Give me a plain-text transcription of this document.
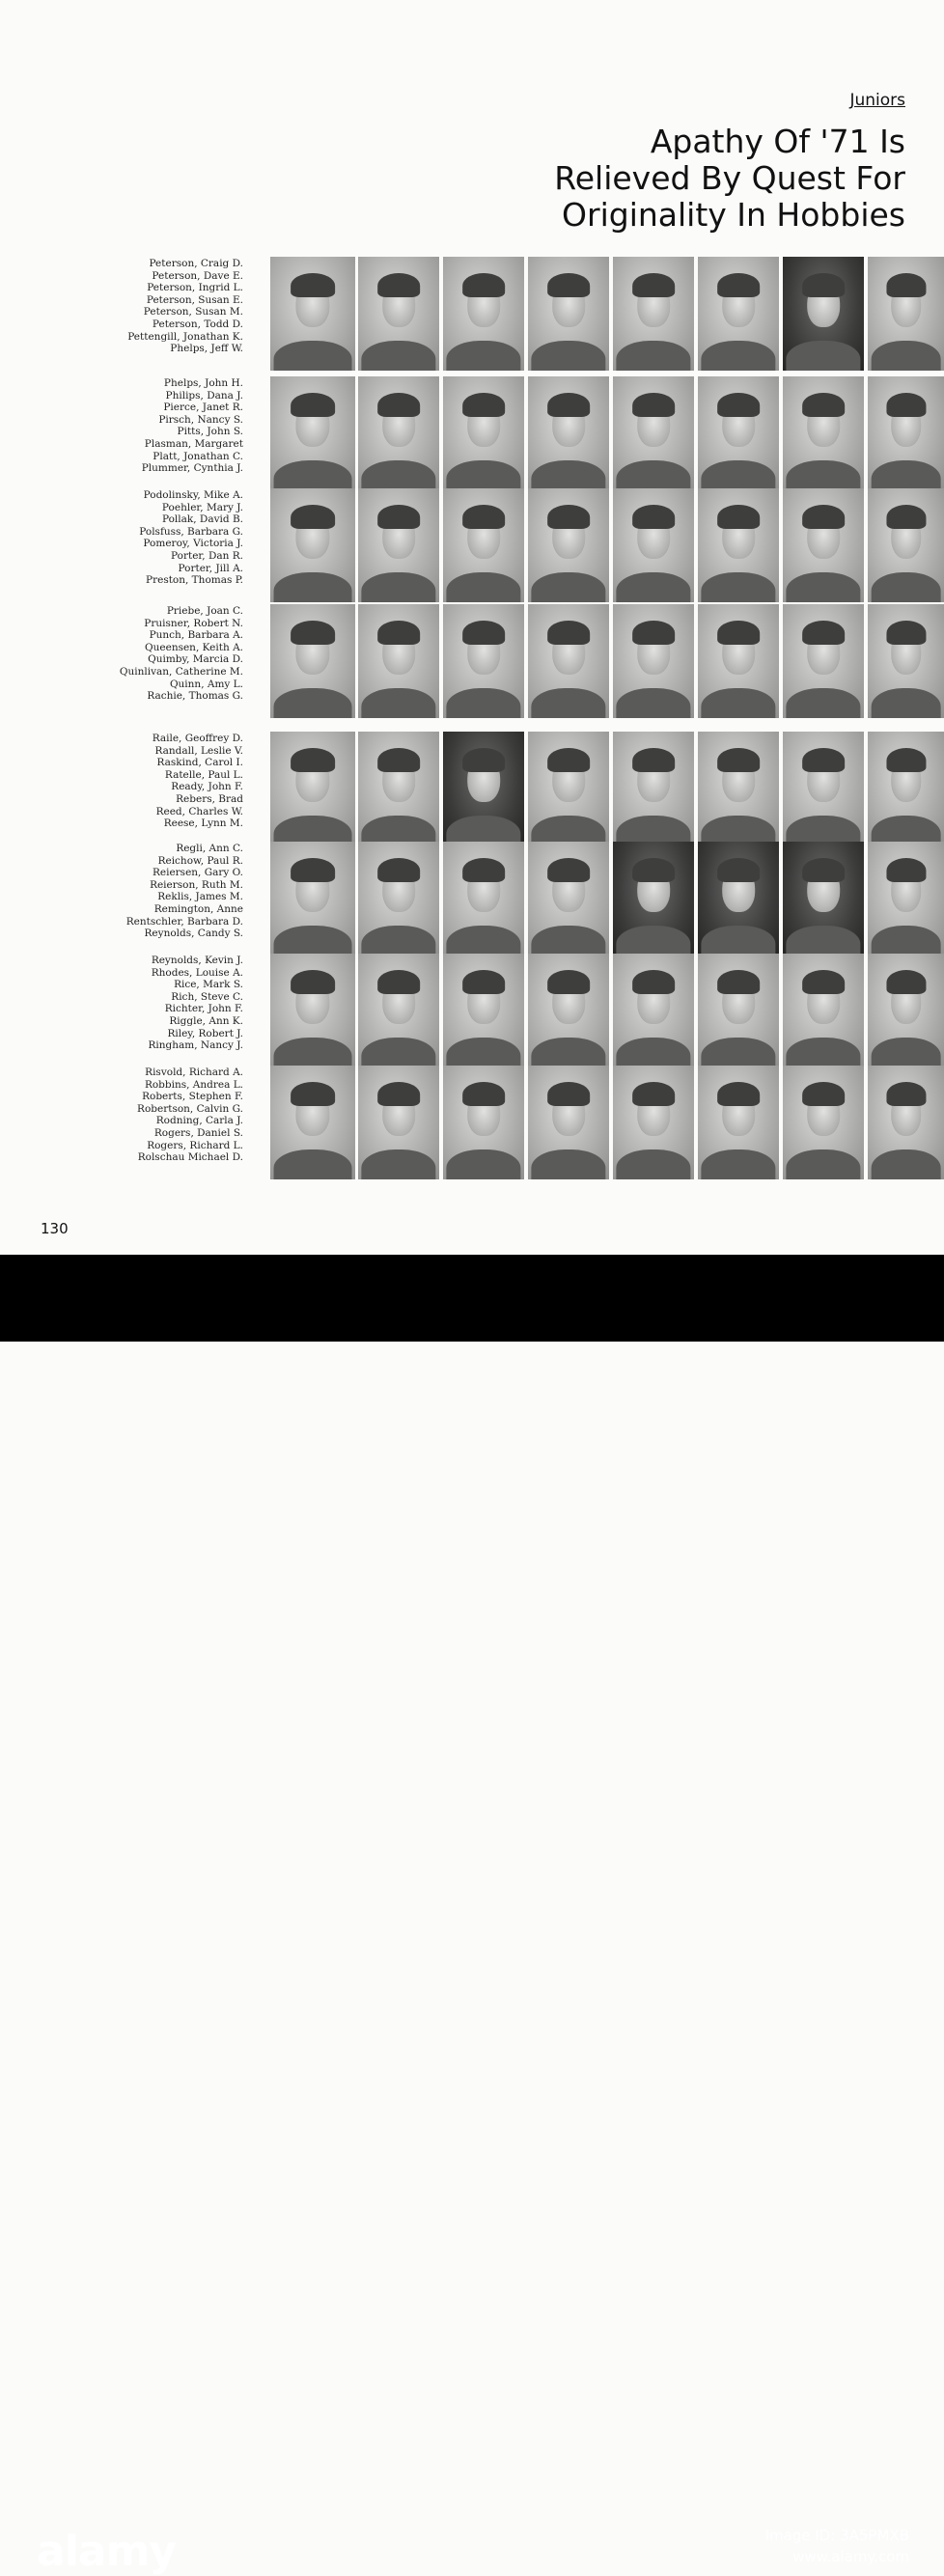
Juniors
Apathy Of '71 Is
Relieved By Quest For
Originality In Hobbies
Peterson, Craig D.
Peterson, Dave E.
Peterson, Ingrid L.
Peterson, Susan E.
Peterson, Susan M.
Peterson, Todd D.
Pettengill, Jonathan K.
Phelps, Jeff W.
Phelps, John H.
Philips, Dana J.
Pierce, Janet R.
Pirsch, Nancy S.
Pitts, John S.
Plasman, Margaret
Platt, Jonathan C.
Plummer, Cynthia J.
Podolinsky, Mike A.
Poehler, Mary J.
Pollak, David B.
Polsfuss, Barbara G.
Pomeroy, Victoria J.
Porter, Dan R.
Porter, Jill A.
Preston, Thomas P.
Priebe, Joan C.
Pruisner, Robert N.
Punch, Barbara A.
Queensen, Keith A.
Quimby, Marcia D.
Quinlivan, Catherine M.
Quinn, Amy L.
Rachie, Thomas G.
Raile, Geoffrey D.
Randall, Leslie V.
Raskind, Carol I.
Ratelle, Paul L.
Ready, John F.
Rebers, Brad
Reed, Charles W.
Reese, Lynn M.
Regli, Ann C.
Reichow, Paul R.
Reiersen, Gary O.
Reierson, Ruth M.
Reklis, James M.
Remington, Anne
Rentschler, Barbara D.
Reynolds, Candy S.
Reynolds, Kevin J.
Rhodes, Louise A.
Rice, Mark S.
Rich, Steve C.
Richter, John F.
Riggle, Ann K.
Riley, Robert J.
Ringham, Nancy J.
Risvold, Richard A.
Robbins, Andrea L.
Roberts, Stephen F.
Robertson, Calvin G.
Rodning, Carla J.
Rogers, Daniel S.
Rogers, Richard L.
Rolschau Michael D.
130
alamy	Image ID: 3A5PMXB
www.alamy.com
